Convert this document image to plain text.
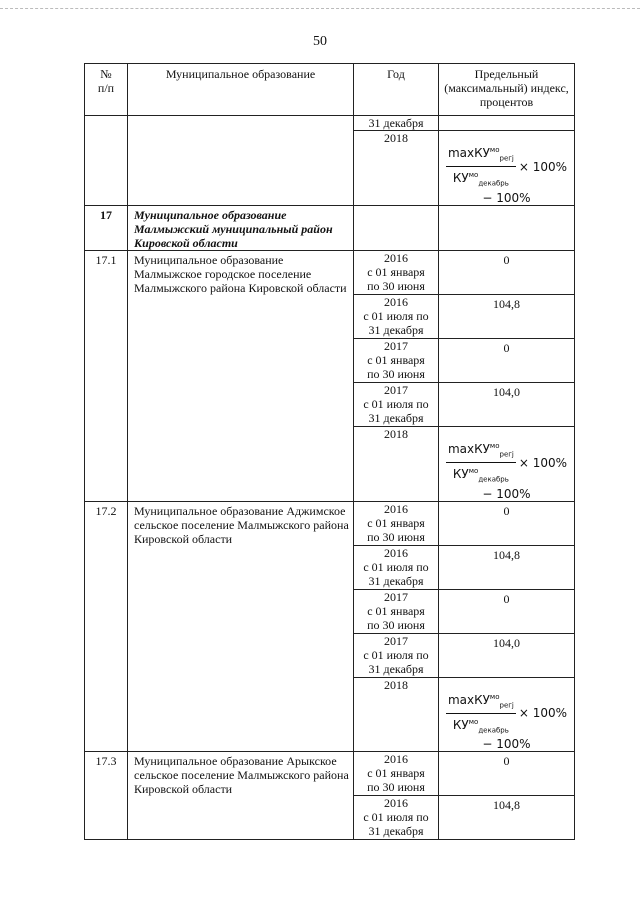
50
№
п/п	Муниципальное образование	Год	Предельный (максимальный) индекс, процентов
		31 декабря	
		2018	$\frac{\max КУ^{мо}_{pегj}}{КУ^{мо}_{декабрь}} \times 100\%$
− 100%

17	Муниципальное образование Малмыжский муниципальный район Кировской области		
17.1	Муниципальное образование Малмыжское городское поселение Малмыжского района Кировской области	2016
с 01 января
по 30 июня	0

		2016
с 01 июля по
31 декабря	104,8

		2017
с 01 января
по 30 июня	0

		2017
с 01 июля по
31 декабря	104,0

		2018	$\frac{\max КУ^{мо}_{pегj}}{КУ^{мо}_{декабрь}} \times 100\%$
− 100%

17.2	Муниципальное образование Аджимское сельское поселение Малмыжского района Кировской области	2016
с 01 января
по 30 июня	0

		2016
с 01 июля по
31 декабря	104,8

		2017
с 01 января
по 30 июня	0

		2017
с 01 июля по
31 декабря	104,0

		2018	$\frac{\max КУ^{мо}_{pегj}}{КУ^{мо}_{декабрь}} \times 100\%$
− 100%

17.3	Муниципальное образование Арыкское сельское поселение Малмыжского района Кировской области	2016
с 01 января
по 30 июня	0

		2016
с 01 июля по
31 декабря	104,8
